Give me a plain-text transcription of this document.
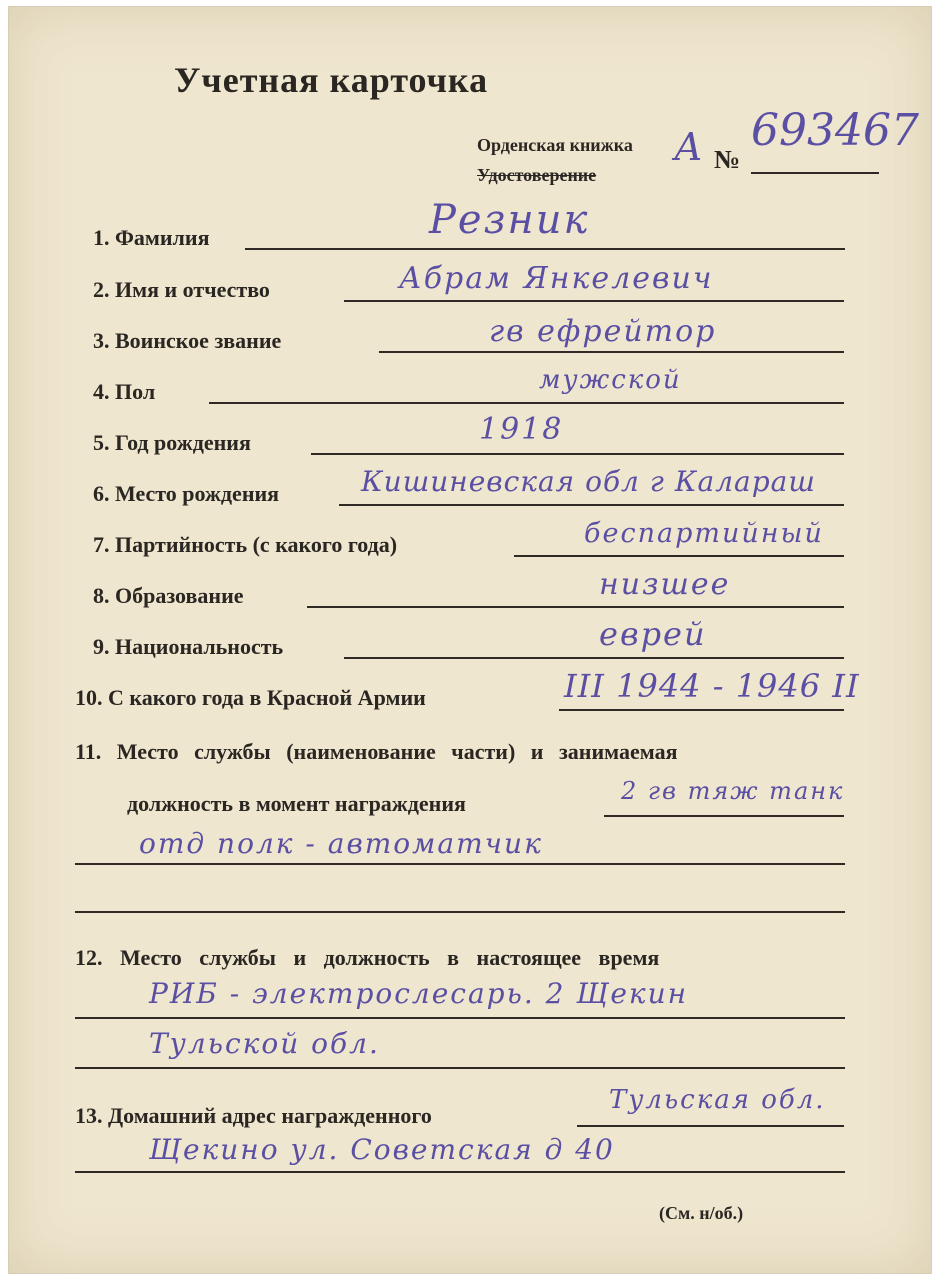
Учетная карточка
Орденская книжка
Удостоверение
А №
693467
1. Фамилия	Резник
2. Имя и отчество	Абрам Янкелевич
3. Воинское звание	гв ефрейтор
4. Пол	мужской
5. Год рождения	1918
6. Место рождения	Кишиневская обл г Калараш
7. Партийность (с какого года)	беспартийный
8. Образование	низшее
9. Национальность	еврей
10. С какого года в Красной Армии	III 1944 - 1946 II
11. Место службы (наименование части) и занимаемая
должность в момент награждения	2 гв тяж танк
отд полк - автоматчик
12. Место службы и должность в настоящее время
РИБ - электрослесарь. 2 Щекин
Тульской обл.
13. Домашний адрес награжденного
Тульская обл.
Щекино ул. Советская д 40
(См. н/об.)
